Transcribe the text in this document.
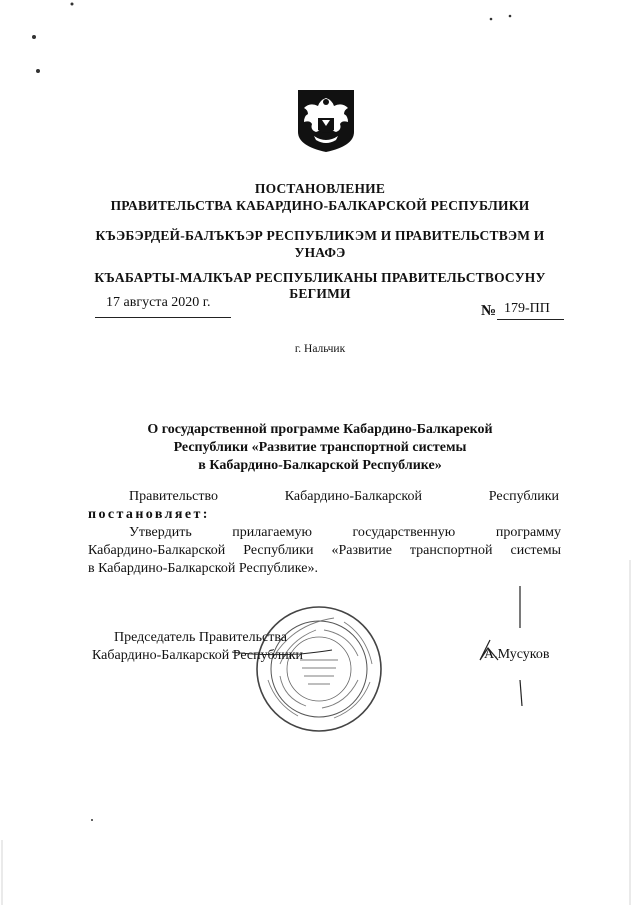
ПОСТАНОВЛЕНИЕ
ПРАВИТЕЛЬСТВА КАБАРДИНО-БАЛКАРСКОЙ РЕСПУБЛИКИ
КЪЭБЭРДЕЙ-БАЛЪКЪЭР РЕСПУБЛИКЭМ И ПРАВИТЕЛЬСТВЭМ И
УНАФЭ
КЪАБАРТЫ-МАЛКЪАР РЕСПУБЛИКАНЫ ПРАВИТЕЛЬСТВОСУНУ
БЕГИМИ
17 августа 2020 г.
№ 179-ПП
г. Нальчик
О государственной программе Кабардино-Балкарекой
Республики «Развитие транспортной системы
в Кабардино-Балкарской Республике»
Правительство	Кабардино-Балкарской	Республики
постановляет:
Утвердить прилагаемую государственную программу
Кабардино-Балкарской Республики «Развитие транспортной системы
в Кабардино-Балкарской Республике».
Председатель Правительства
Кабардино-Балкарской Республики	А.Мусуков
